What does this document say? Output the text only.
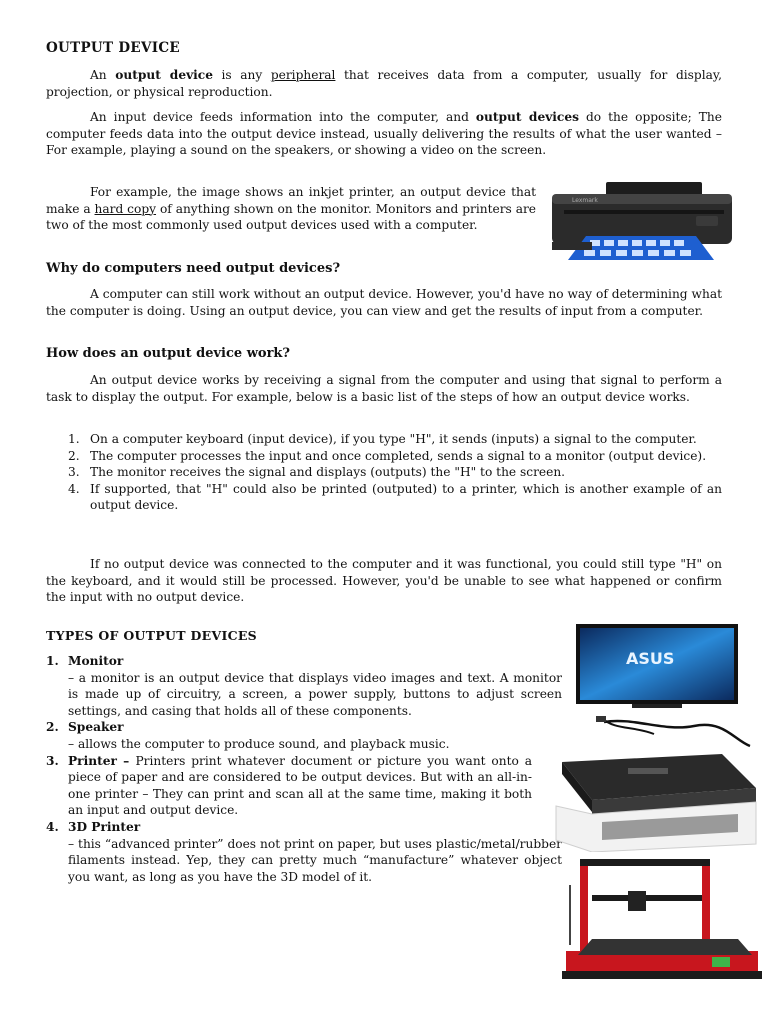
OUTPUT DEVICE

An output device is any peripheral that receives data from a computer, usually for display, projection, or physical reproduction.

An input device feeds information into the computer, and output devices do the opposite; The computer feeds data into the output device instead, usually delivering the results of what the user wanted – For example, playing a sound on the speakers, or showing a video on the screen.

For example, the image shows an inkjet printer, an output device that make a hard copy of anything shown on the monitor. Monitors and printers are two of the most commonly used output devices used with a computer.

Lexmark
Why do computers need output devices?

A computer can still work without an output device. However, you'd have no way of determining what the computer is doing. Using an output device, you can view and get the results of input from a computer.

How does an output device work?

An output device works by receiving a signal from the computer and using that signal to perform a task to display the output. For example, below is a basic list of the steps of how an output device works.

1. On a computer keyboard (input device), if you type "H", it sends (inputs) a signal to the computer.
2. The computer processes the input and once completed, sends a signal to a monitor (output device).
3. The monitor receives the signal and displays (outputs) the "H" to the screen.
4. If supported, that "H" could also be printed (outputed) to a printer, which is another example of an output device.

If no output device was connected to the computer and it was functional, you could still type "H" on the keyboard, and it would still be processed. However, you'd be unable to see what happened or confirm the input with no output device.

TYPES OF OUTPUT DEVICES
1. Monitor

– a monitor is an output device that displays video images and text. A monitor is made up of circuitry, a screen, a power supply, buttons to adjust screen settings, and casing that holds all of these components.

2. Speaker

– allows the computer to produce sound, and playback music.

3. Printer – Printers print whatever document or picture you want onto a piece of paper and are considered to be output devices. But with an all-in-one printer – They can print and scan all at the same time, making it both an input and output device.

4. 3D Printer

– this “advanced printer” does not print on paper, but uses plastic/metal/rubber filaments instead. Yep, they can pretty much “manufacture” whatever object you want, as long as you have the 3D model of it.

ASUS
